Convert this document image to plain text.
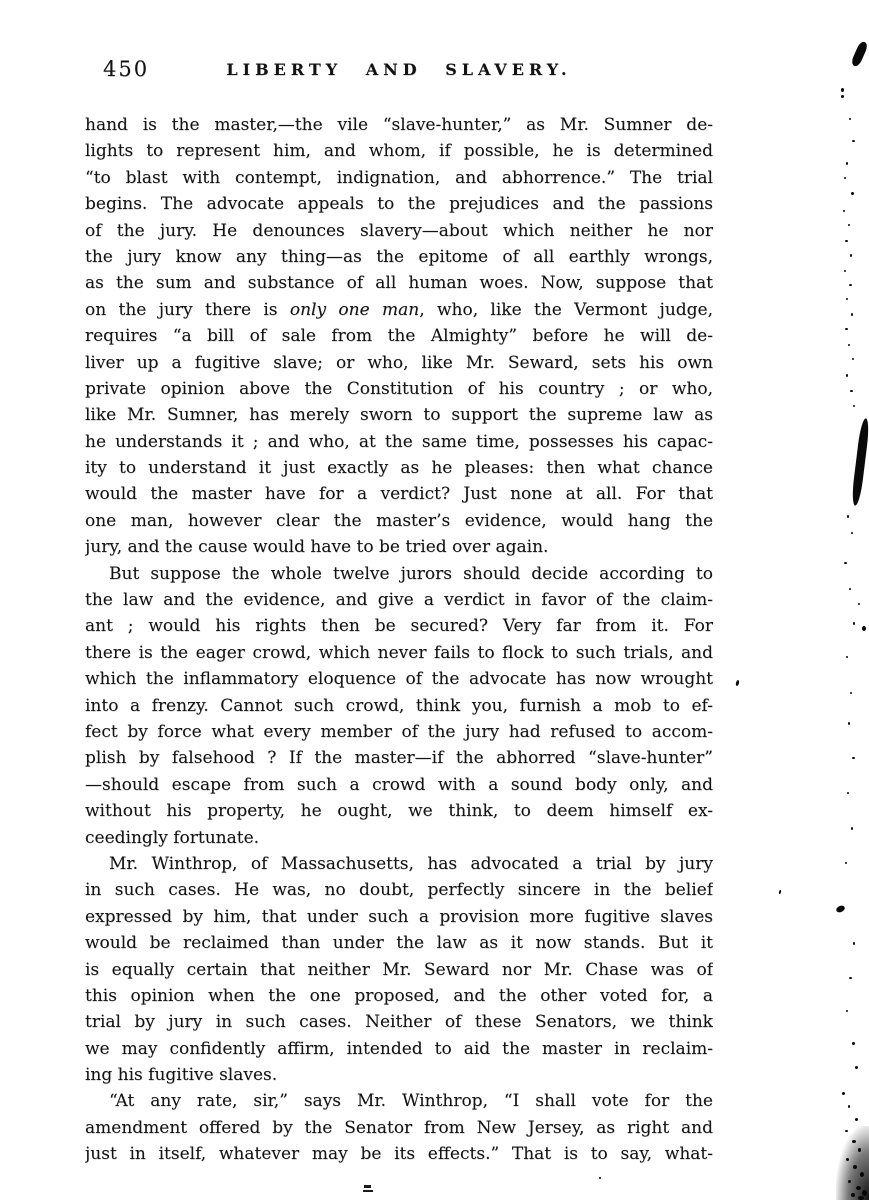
450	LIBERTY AND SLAVERY.
hand is the master,—the vile “slave-hunter,” as Mr. Sumner de-
lights to represent him, and whom, if possible, he is determined
“to blast with contempt, indignation, and abhorrence.” The trial
begins. The advocate appeals to the prejudices and the passions
of the jury. He denounces slavery—about which neither he nor
the jury know any thing—as the epitome of all earthly wrongs,
as the sum and substance of all human woes. Now, suppose that
on the jury there is only one man, who, like the Vermont judge,
requires “a bill of sale from the Almighty” before he will de-
liver up a fugitive slave; or who, like Mr. Seward, sets his own
private opinion above the Constitution of his country ; or who,
like Mr. Sumner, has merely sworn to support the supreme law as
he understands it ; and who, at the same time, possesses his capac-
ity to understand it just exactly as he pleases: then what chance
would the master have for a verdict? Just none at all. For that
one man, however clear the master’s evidence, would hang the
jury, and the cause would have to be tried over again.
But suppose the whole twelve jurors should decide according to
the law and the evidence, and give a verdict in favor of the claim-
ant ; would his rights then be secured? Very far from it. For
there is the eager crowd, which never fails to flock to such trials, and
which the inflammatory eloquence of the advocate has now wrought
into a frenzy. Cannot such crowd, think you, furnish a mob to ef-
fect by force what every member of the jury had refused to accom-
plish by falsehood ? If the master—if the abhorred “slave-hunter”
—should escape from such a crowd with a sound body only, and
without his property, he ought, we think, to deem himself ex-
ceedingly fortunate.
Mr. Winthrop, of Massachusetts, has advocated a trial by jury
in such cases. He was, no doubt, perfectly sincere in the belief
expressed by him, that under such a provision more fugitive slaves
would be reclaimed than under the law as it now stands. But it
is equally certain that neither Mr. Seward nor Mr. Chase was of
this opinion when the one proposed, and the other voted for, a
trial by jury in such cases. Neither of these Senators, we think
we may confidently affirm, intended to aid the master in reclaim-
ing his fugitive slaves.
“At any rate, sir,” says Mr. Winthrop, “I shall vote for the
amendment offered by the Senator from New Jersey, as right and
just in itself, whatever may be its effects.” That is to say, what-
